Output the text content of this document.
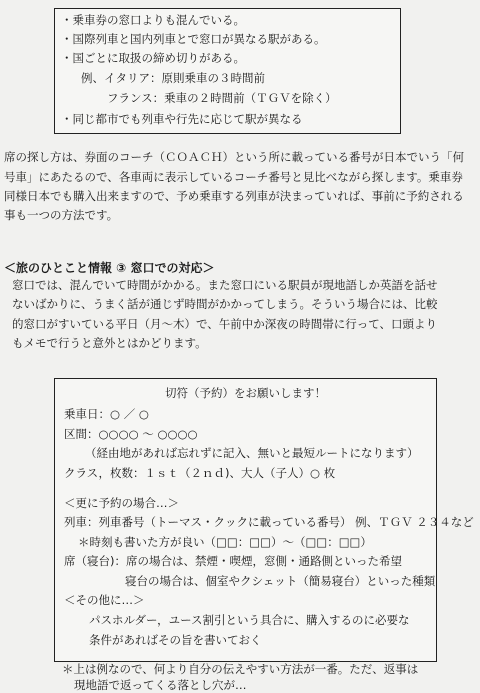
・乗車券の窓口よりも混んでいる。
・国際列車と国内列車とで窓口が異なる駅がある。
・国ごとに取扱の締め切りがある。
例、イタリア：原則乗車の３時間前
フランス：乗車の２時間前（ＴＧＶを除く）
・同じ都市でも列車や行先に応じて駅が異なる
席の探し方は、券面のコーチ（ＣＯＡＣＨ）という所に載っている番号が日本でいう「何
号車」にあたるので、各車両に表示しているコーチ番号と見比べながら探します。乗車券
同様日本でも購入出来ますので、予め乗車する列車が決まっていれば、事前に予約される
事も一つの方法です。
＜旅のひとこと情報 ③ 窓口での対応＞
窓口では、混んでいて時間がかかる。また窓口にいる駅員が現地語しか英語を話せ
ないばかりに、うまく話が通じず時間がかかってしまう。そういう場合には、比較
的窓口がすいている平日（月～木）で、午前中か深夜の時間帯に行って、口頭より
もメモで行うと意外とはかどります。
切符（予約）をお願いします！
乗車日：○ ／ ○
区間：○○○○ ～ ○○○○
（経由地があれば忘れずに記入、無いと最短ルートになります）
クラス，枚数：１ｓｔ（２ｎｄ)、大人（子人）○ 枚
＜更に予約の場合…＞
列車：列車番号（トーマス・クックに載っている番号） 例、ＴＧＶ ２３４など
＊時刻も書いた方が良い（□□：□□）～（□□：□□）
席（寝台)：席の場合は、禁煙・喫煙，窓側・通路側といった希望
寝台の場合は、個室やクシェット（簡易寝台）といった種類
＜その他に…＞
パスホルダー，ユース割引という具合に、購入するのに必要な
条件があればその旨を書いておく
＊上は例なので、何より自分の伝えやすい方法が一番。ただ、返事は
現地語で返ってくる落とし穴が…
